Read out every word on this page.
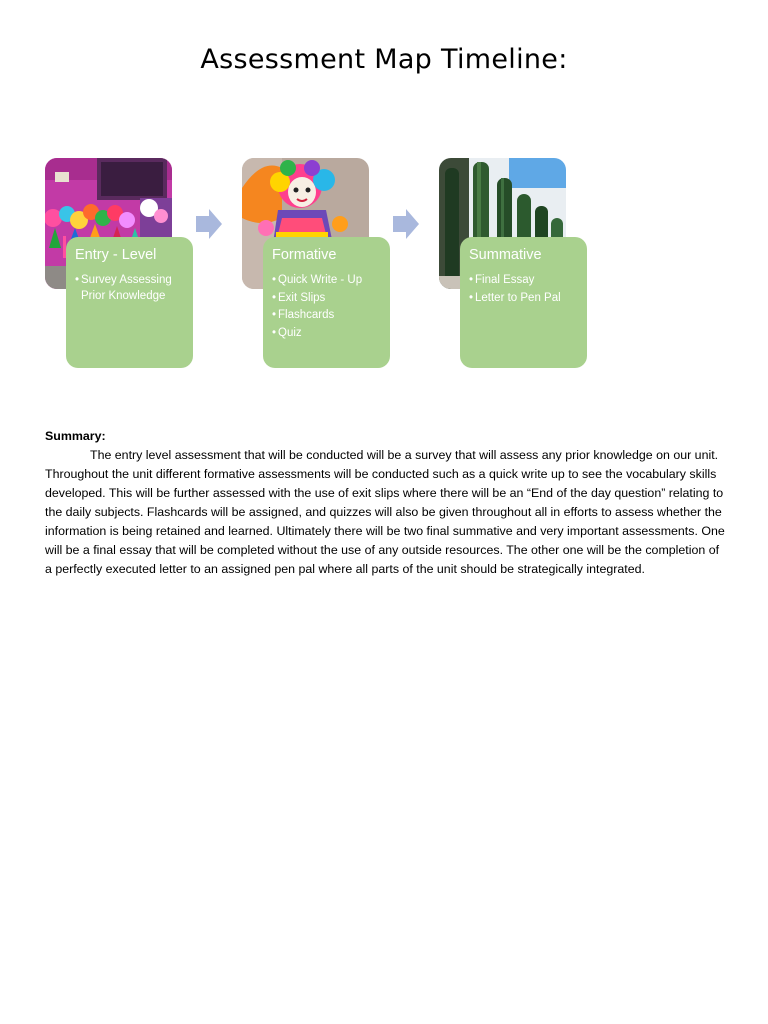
Assessment Map Timeline:
Entry - Level
• Survey Assessing Prior Knowledge
Formative
• Quick Write - Up
• Exit Slips
• Flashcards
• Quiz
Summative
• Final Essay
• Letter to Pen Pal

Summary:

The entry level assessment that will be conducted will be a survey that will assess any prior knowledge on our unit. Throughout the unit different formative assessments will be conducted such as a quick write up to see the vocabulary skills developed. This will be further assessed with the use of exit slips where there will be an “End of the day question” relating to the daily subjects. Flashcards will be assigned, and quizzes will also be given throughout all in efforts to assess whether the information is being retained and learned. Ultimately there will be two final summative and very important assessments. One will be a final essay that will be completed without the use of any outside resources. The other one will be the completion of a perfectly executed letter to an assigned pen pal where all parts of the unit should be strategically integrated.
